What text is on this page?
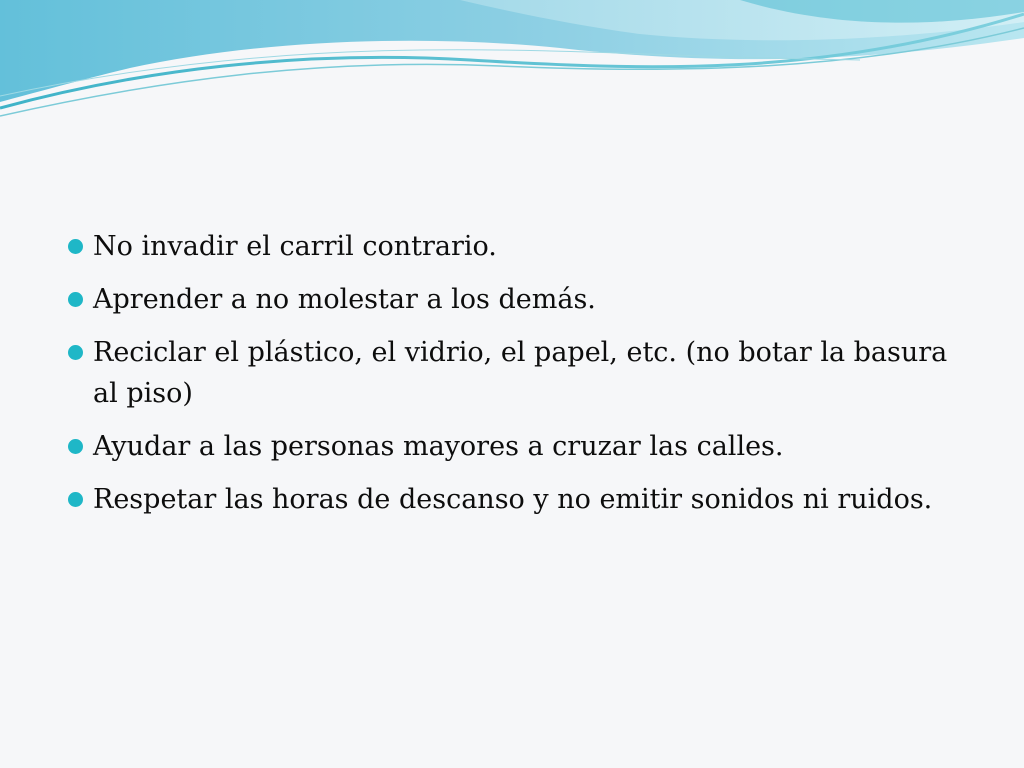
No invadir el carril contrario.
Aprender a no molestar a los demás.
Reciclar el plástico, el vidrio, el papel, etc. (no botar la basura al piso)
Ayudar a las personas mayores a cruzar las calles.
Respetar las horas de descanso y no emitir sonidos ni ruidos.
